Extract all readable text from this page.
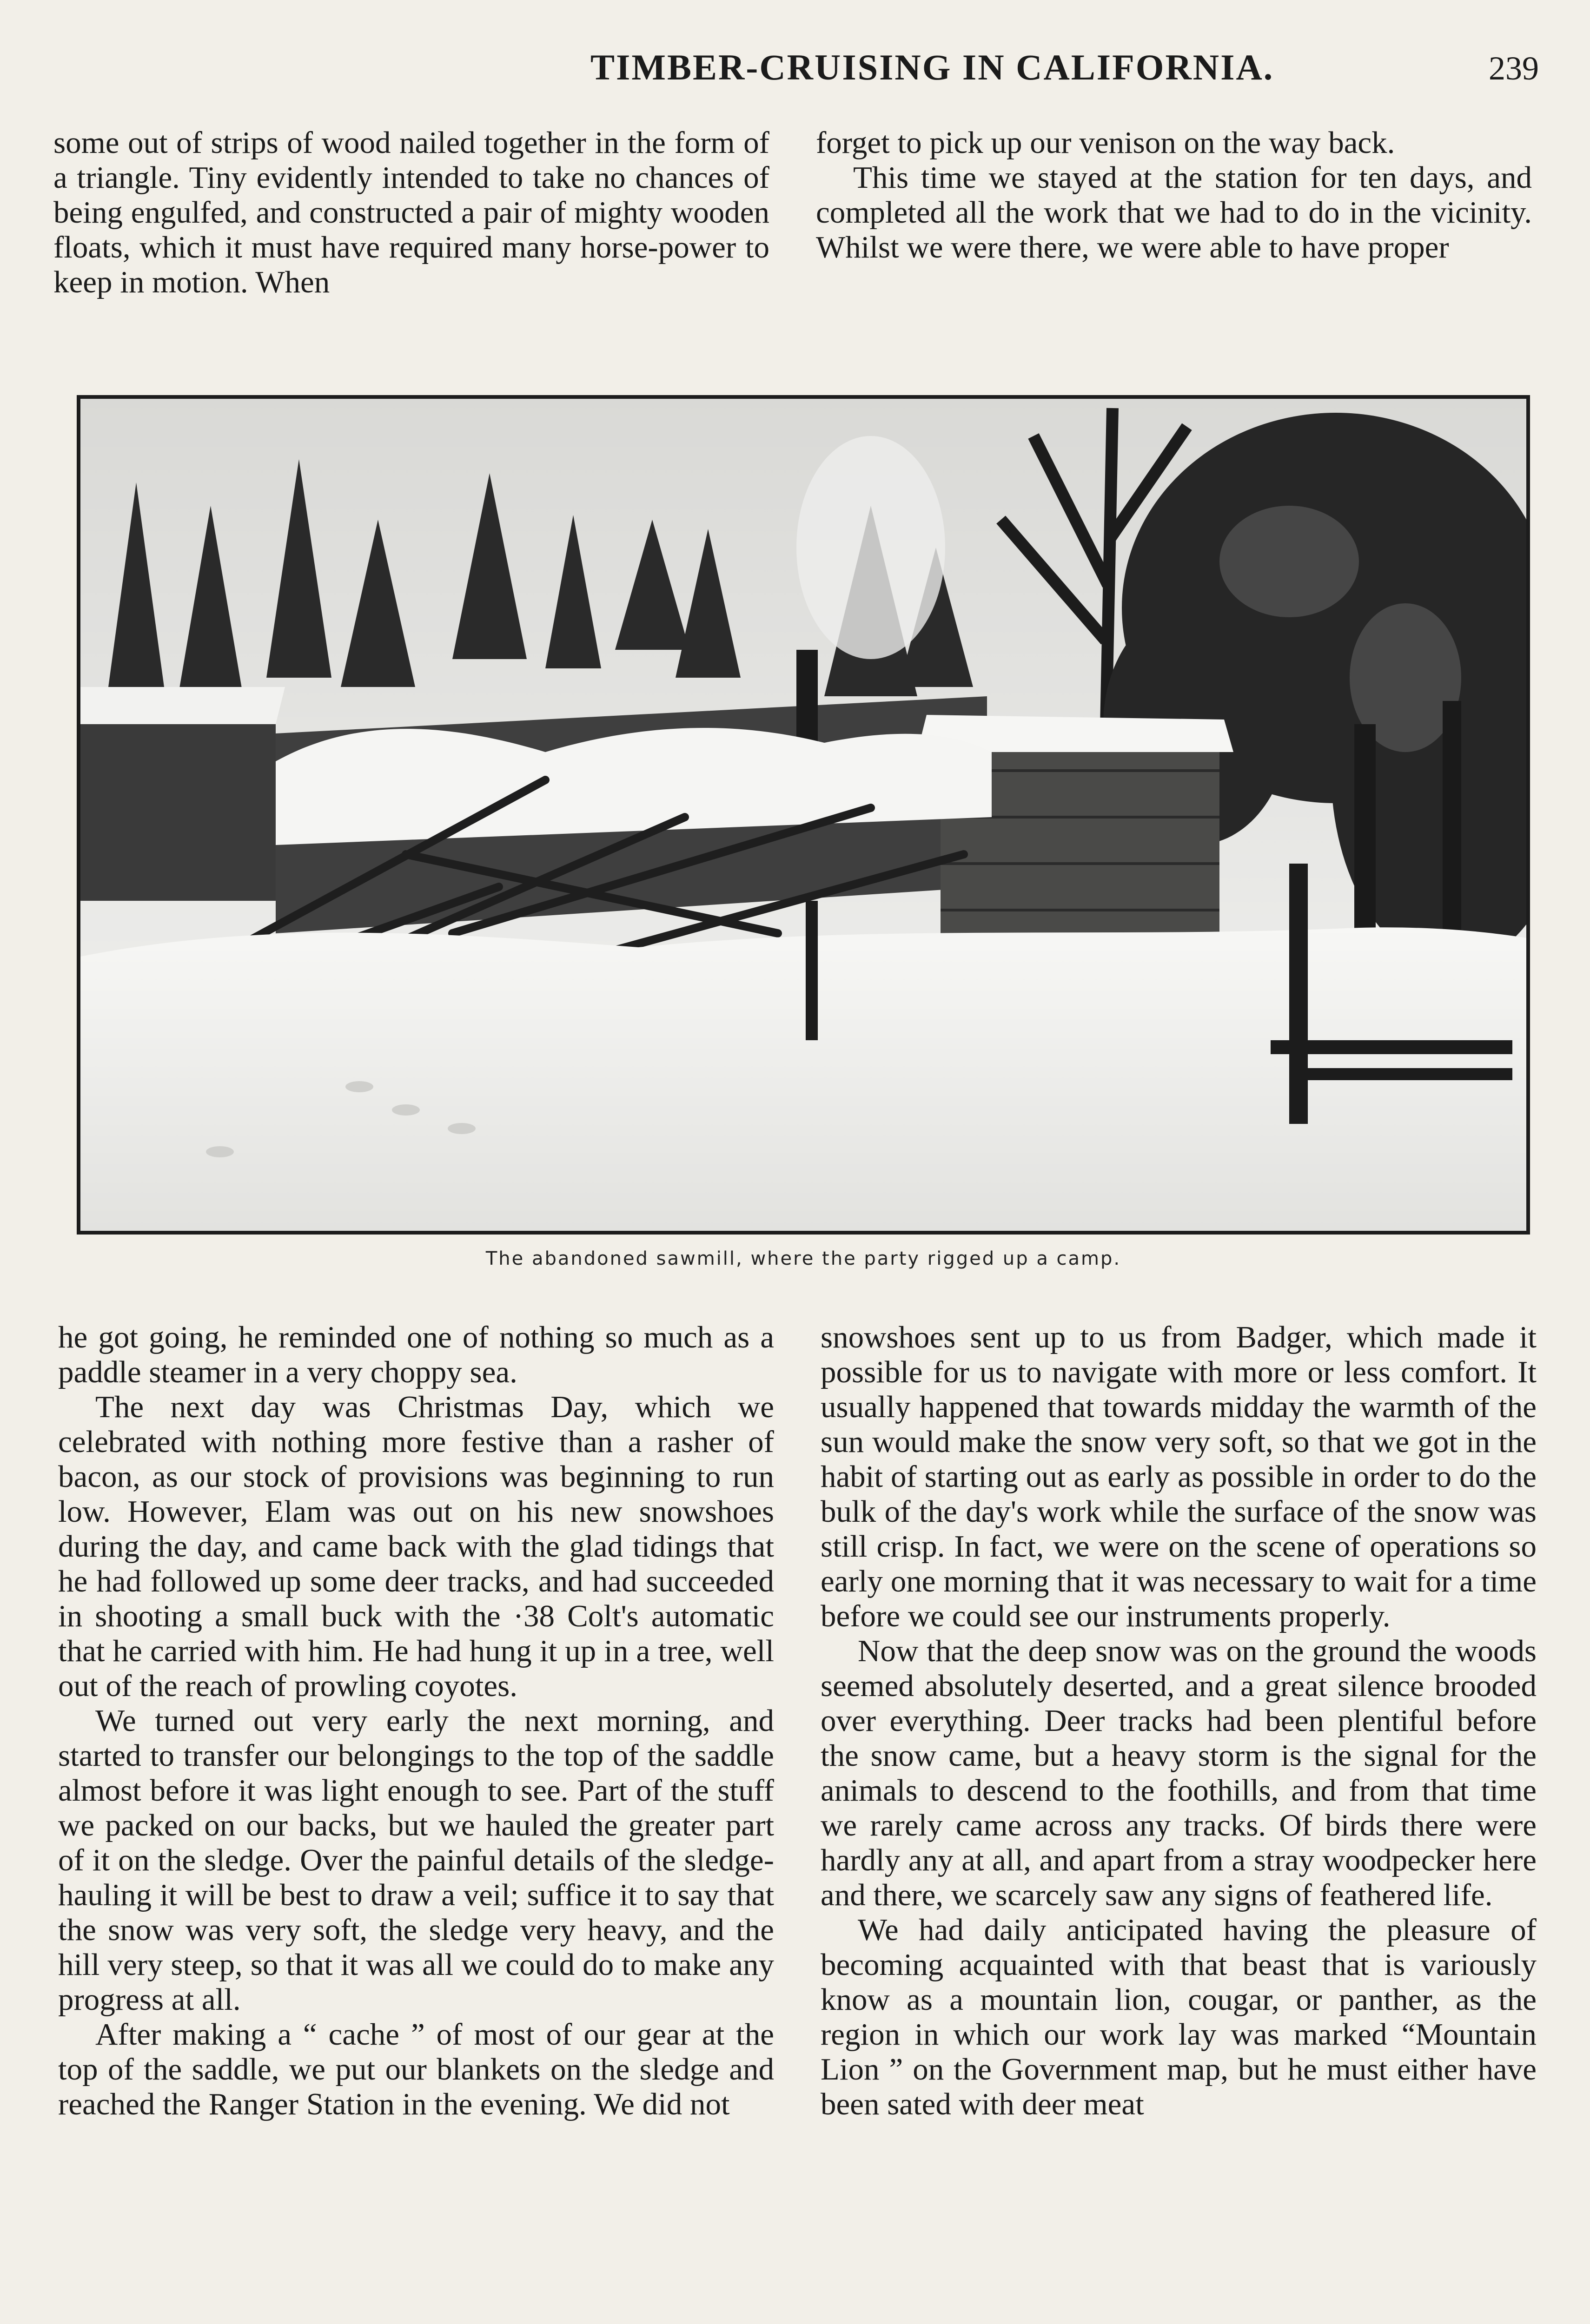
TIMBER-CRUISING IN CALIFORNIA.	239

some out of strips of wood nailed together in the form of a triangle. Tiny evidently intended to take no chances of being engulfed, and constructed a pair of mighty wooden floats, which it must have required many horse-power to keep in motion. When

forget to pick up our venison on the way back.

This time we stayed at the station for ten days, and completed all the work that we had to do in the vicinity. Whilst we were there, we were able to have proper

The abandoned sawmill, where the party rigged up a camp.

he got going, he reminded one of nothing so much as a paddle steamer in a very choppy sea.

The next day was Christmas Day, which we celebrated with nothing more festive than a rasher of bacon, as our stock of provisions was beginning to run low. However, Elam was out on his new snowshoes during the day, and came back with the glad tidings that he had followed up some deer tracks, and had succeeded in shooting a small buck with the ·38 Colt's automatic that he carried with him. He had hung it up in a tree, well out of the reach of prowling coyotes.

We turned out very early the next morning, and started to transfer our belongings to the top of the saddle almost before it was light enough to see. Part of the stuff we packed on our backs, but we hauled the greater part of it on the sledge. Over the painful details of the sledge-hauling it will be best to draw a veil; suffice it to say that the snow was very soft, the sledge very heavy, and the hill very steep, so that it was all we could do to make any progress at all.

After making a “ cache ” of most of our gear at the top of the saddle, we put our blankets on the sledge and reached the Ranger Station in the evening. We did not

snowshoes sent up to us from Badger, which made it possible for us to navigate with more or less comfort. It usually happened that towards midday the warmth of the sun would make the snow very soft, so that we got in the habit of starting out as early as possible in order to do the bulk of the day's work while the surface of the snow was still crisp. In fact, we were on the scene of operations so early one morning that it was necessary to wait for a time before we could see our instruments properly.

Now that the deep snow was on the ground the woods seemed absolutely deserted, and a great silence brooded over everything. Deer tracks had been plentiful before the snow came, but a heavy storm is the signal for the animals to descend to the foothills, and from that time we rarely came across any tracks. Of birds there were hardly any at all, and apart from a stray woodpecker here and there, we scarcely saw any signs of feathered life.

We had daily anticipated having the pleasure of becoming acquainted with that beast that is variously know as a mountain lion, cougar, or panther, as the region in which our work lay was marked “Mountain Lion ” on the Government map, but he must either have been sated with deer meat
